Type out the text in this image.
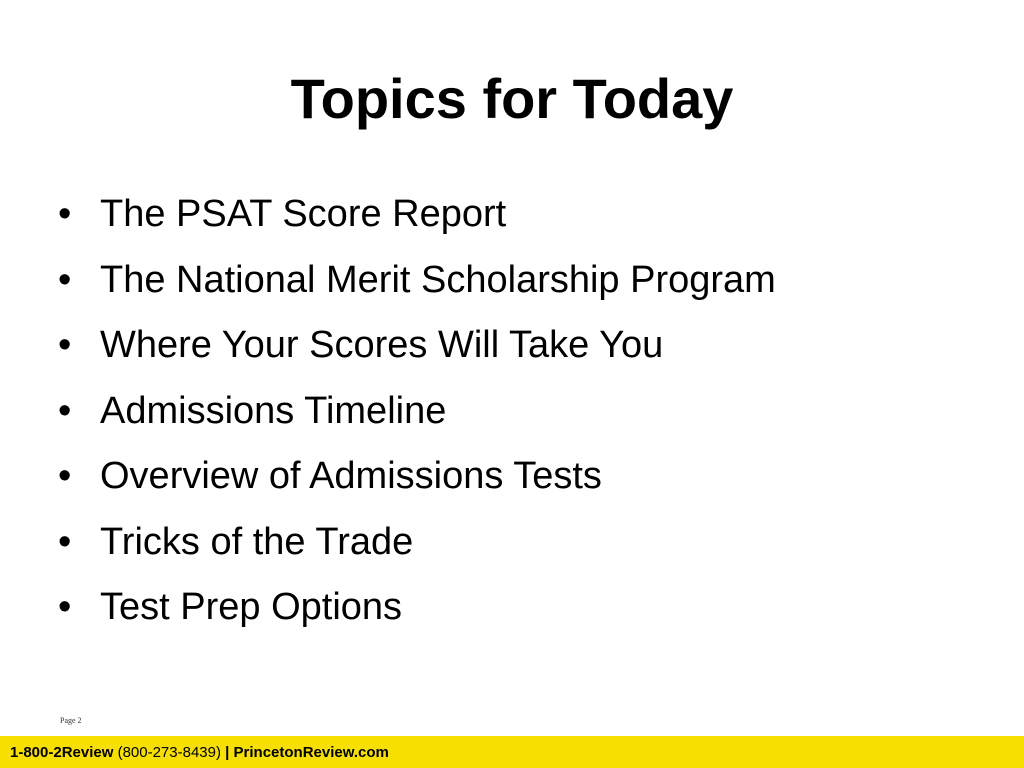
Topics for Today
• The PSAT Score Report
• The National Merit Scholarship Program
• Where Your Scores Will Take You
• Admissions Timeline
• Overview of Admissions Tests
• Tricks of the Trade
• Test Prep Options
Page 2
1-800-2Review (800-273-8439) | PrincetonReview.com
